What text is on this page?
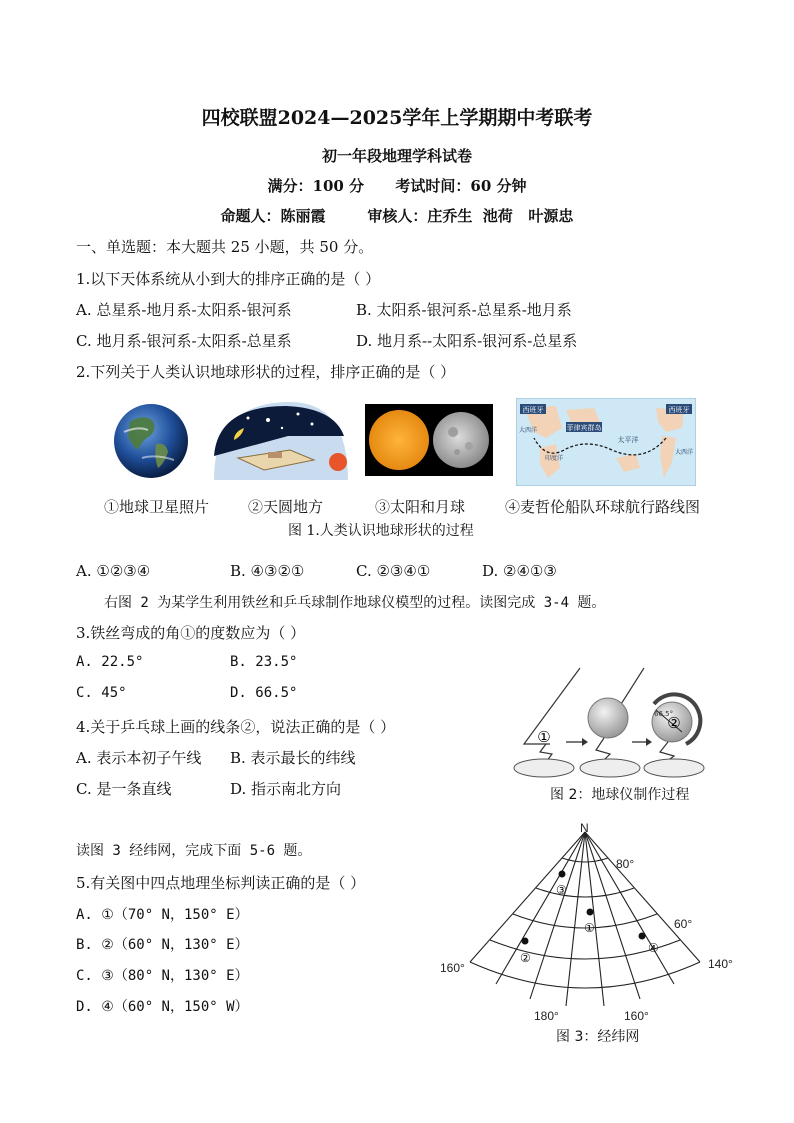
四校联盟2024—2025学年上学期期中考联考
初一年段地理学科试卷
满分：100 分      考试时间：60 分钟
命题人：陈丽霞        审核人：庄乔生  池荷   叶源忠
一、单选题：本大题共 25 小题，共 50 分。
1.以下天体系统从小到大的排序正确的是（ ）
A. 总星系-地月系-太阳系-银河系	B. 太阳系-银河系-总星系-地月系
C. 地月系-银河系-太阳系-总星系	D. 地月系--太阳系-银河系-总星系
2.下列关于人类认识地球形状的过程，排序正确的是（ ）
西班牙	西班牙
菲律宾群岛
太平洋
大西洋
大西洋
印度洋
①地球卫星照片	②天圆地方	③太阳和月球	④麦哲伦船队环球航行路线图
图 1.人类认识地球形状的过程
A. ①②③④	B. ④③②①	C. ②③④①	D. ②④①③
右图 2 为某学生利用铁丝和乒乓球制作地球仪模型的过程。读图完成 3-4 题。
3.铁丝弯成的角①的度数应为（ ）
A. 22.5°	B. 23.5°
C. 45°	D. 66.5°
4.关于乒乓球上画的线条②，说法正确的是（ ）
A. 表示本初子午线 B. 表示最长的纬线
C. 是一条直线	D. 指示南北方向
①
②
66.5°
图 2：地球仪制作过程
读图 3 经纬网，完成下面 5-6 题。
5.有关图中四点地理坐标判读正确的是（ ）
A. ①（70° N，150° E）
B. ②（60° N，130° E）
C. ③（80° N，130° E）
D. ④（60° N，150° W）
N
80°
60°
160°	140°
180°	160°
①
②
③
④
图 3：经纬网
